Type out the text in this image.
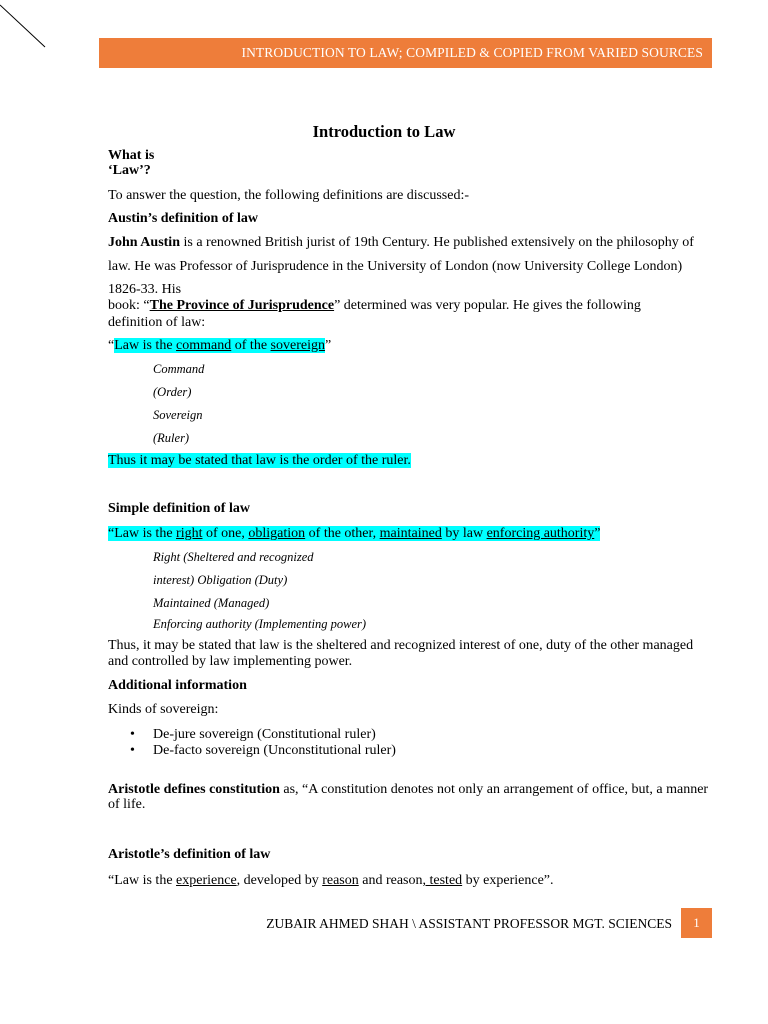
INTRODUCTION TO LAW; COMPILED & COPIED FROM VARIED SOURCES
Introduction to Law
What is
‘Law’?
To answer the question, the following definitions are discussed:-
Austin’s definition of law
John Austin is a renowned British jurist of 19th Century. He published extensively on the philosophy of
law. He was Professor of Jurisprudence in the University of London (now University College London)
1826-33. His
book: “The Province of Jurisprudence” determined was very popular. He gives the following
definition of law:
“Law is the command of the sovereign”
Command
(Order)
Sovereign
(Ruler)
Thus it may be stated that law is the order of the ruler.
Simple definition of law
“Law is the right of one, obligation of the other, maintained by law enforcing authority”
Right (Sheltered and recognized
interest) Obligation (Duty)
Maintained (Managed)
Enforcing authority (Implementing power)
Thus, it may be stated that law is the sheltered and recognized interest of one, duty of the other managed
and controlled by law implementing power.
Additional information
Kinds of sovereign:
• De-jure sovereign (Constitutional ruler)
• De-facto sovereign (Unconstitutional ruler)
Aristotle defines constitution as, “A constitution denotes not only an arrangement of office, but, a manner
of life.
Aristotle’s definition of law
“Law is the experience, developed by reason and reason, tested by experience”.
ZUBAIR AHMED SHAH \ ASSISTANT PROFESSOR MGT. SCIENCES	1
